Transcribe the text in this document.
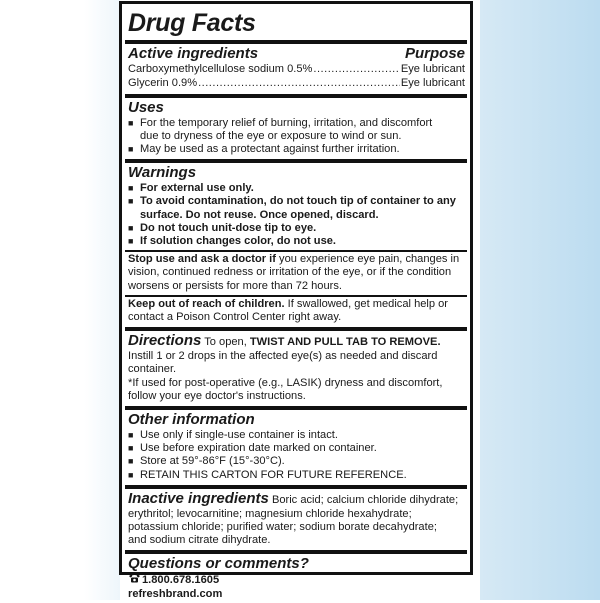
Drug Facts
Active ingredients	Purpose
Carboxymethylcellulose sodium 0.5% .....	Eye lubricant
Glycerin 0.9% .....	Eye lubricant
Uses
■ For the temporary relief of burning, irritation, and discomfort
due to dryness of the eye or exposure to wind or sun.
■ May be used as a protectant against further irritation.
Warnings
■ For external use only.
■ To avoid contamination, do not touch tip of container to any
surface. Do not reuse. Once opened, discard.
■ Do not touch unit-dose tip to eye.
■ If solution changes color, do not use.
Stop use and ask a doctor if you experience eye pain, changes in
vision, continued redness or irritation of the eye, or if the condition
worsens or persists for more than 72 hours.
Keep out of reach of children. If swallowed, get medical help or
contact a Poison Control Center right away.
Directions To open, TWIST AND PULL TAB TO REMOVE.
Instill 1 or 2 drops in the affected eye(s) as needed and discard
container.
*If used for post-operative (e.g., LASIK) dryness and discomfort,
follow your eye doctor's instructions.
Other information
■ Use only if single-use container is intact.
■ Use before expiration date marked on container.
■ Store at 59°-86°F (15°-30°C).
■ RETAIN THIS CARTON FOR FUTURE REFERENCE.
Inactive ingredients Boric acid; calcium chloride dihydrate;
erythritol; levocarnitine; magnesium chloride hexahydrate;
potassium chloride; purified water; sodium borate decahydrate;
and sodium citrate dihydrate.
Questions or comments?
1.800.678.1605
refreshbrand.com
